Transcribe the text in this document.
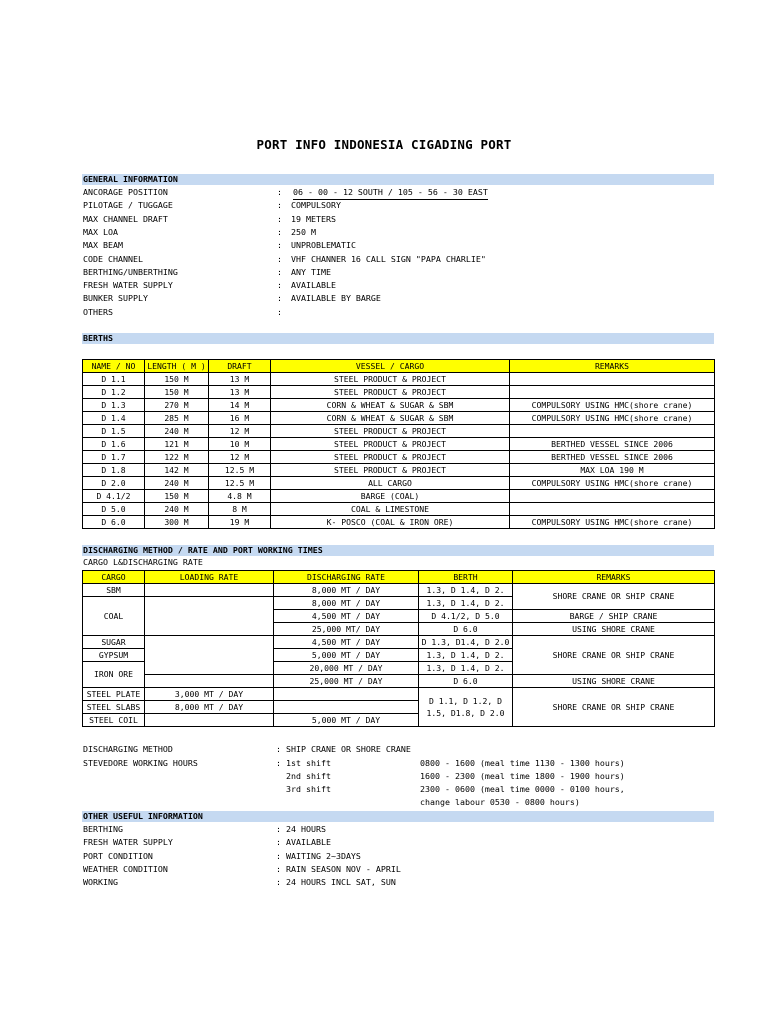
PORT INFO INDONESIA CIGADING PORT
GENERAL INFORMATION
ANCORAGE POSITION	: 06 - 00 - 12 SOUTH / 105 - 56 - 30 EAST
PILOTAGE / TUGGAGE	: COMPULSORY
MAX CHANNEL DRAFT	: 19 METERS
MAX LOA	: 250 M
MAX BEAM	: UNPROBLEMATIC
CODE CHANNEL	: VHF CHANNER 16 CALL SIGN "PAPA CHARLIE"
BERTHING/UNBERTHING	: ANY TIME
FRESH WATER SUPPLY	: AVAILABLE
BUNKER SUPPLY	: AVAILABLE BY BARGE
OTHERS	:
BERTHS
NAME / NO	LENGTH ( M )	DRAFT	VESSEL / CARGO	REMARKS
D 1.1	150 M	13 M	STEEL PRODUCT & PROJECT	
D 1.2	150 M	13 M	STEEL PRODUCT & PROJECT	
D 1.3	270 M	14 M	CORN & WHEAT & SUGAR & SBM	COMPULSORY USING HMC(shore crane)
D 1.4	285 M	16 M	CORN & WHEAT & SUGAR & SBM	COMPULSORY USING HMC(shore crane)
D 1.5	240 M	12 M	STEEL PRODUCT & PROJECT	
D 1.6	121 M	10 M	STEEL PRODUCT & PROJECT	BERTHED VESSEL SINCE 2006
D 1.7	122 M	12 M	STEEL PRODUCT & PROJECT	BERTHED VESSEL SINCE 2006
D 1.8	142 M	12.5 M	STEEL PRODUCT & PROJECT	MAX LOA 190 M
D 2.0	240 M	12.5 M	ALL CARGO	COMPULSORY USING HMC(shore crane)
D 4.1/2	150 M	4.8 M	BARGE (COAL)	
D 5.0	240 M	8 M	COAL & LIMESTONE	
D 6.0	300 M	19 M	K- POSCO (COAL & IRON ORE)	COMPULSORY USING HMC(shore crane)
DISCHARGING METHOD / RATE AND PORT WORKING TIMES
CARGO L&DISCHARGING RATE
CARGO	LOADING RATE	DISCHARGING RATE	BERTH	REMARKS
SBM		8,000 MT / DAY	1.3, D 1.4, D 2.	SHORE CRANE OR SHIP CRANE
COAL		8,000 MT / DAY	1.3, D 1.4, D 2.	
		4,500 MT / DAY	D 4.1/2, D 5.0	BARGE / SHIP CRANE
		25,000 MT/ DAY	D 6.0	USING SHORE CRANE
SUGAR		4,500 MT / DAY	D 1.3, D1.4, D 2.0	SHORE CRANE OR SHIP CRANE
GYPSUM		5,000 MT / DAY	1.3, D 1.4, D 2.	
IRON ORE		20,000 MT / DAY	1.3, D 1.4, D 2.	
		25,000 MT / DAY	D 6.0	USING SHORE CRANE
STEEL PLATE	3,000 MT / DAY		D 1.1, D 1.2, D 1.5, D1.8, D 2.0	SHORE CRANE OR SHIP CRANE
STEEL SLABS	8,000 MT / DAY			
STEEL COIL		5,000 MT / DAY		
DISCHARGING METHOD	: SHIP CRANE OR SHORE CRANE
STEVEDORE WORKING HOURS	: 1st shift	0800 - 1600 (meal time 1130 - 1300 hours)
2nd shift	1600 - 2300 (meal time 1800 - 1900 hours)
3rd shift	2300 - 0600 (meal time 0000 - 0100 hours,
change labour 0530 - 0800 hours)
OTHER USEFUL INFORMATION
BERTHING	: 24 HOURS
FRESH WATER SUPPLY	: AVAILABLE
PORT CONDITION	: WAITING 2~3DAYS
WEATHER CONDITION	: RAIN SEASON NOV - APRIL
WORKING	: 24 HOURS INCL SAT, SUN
